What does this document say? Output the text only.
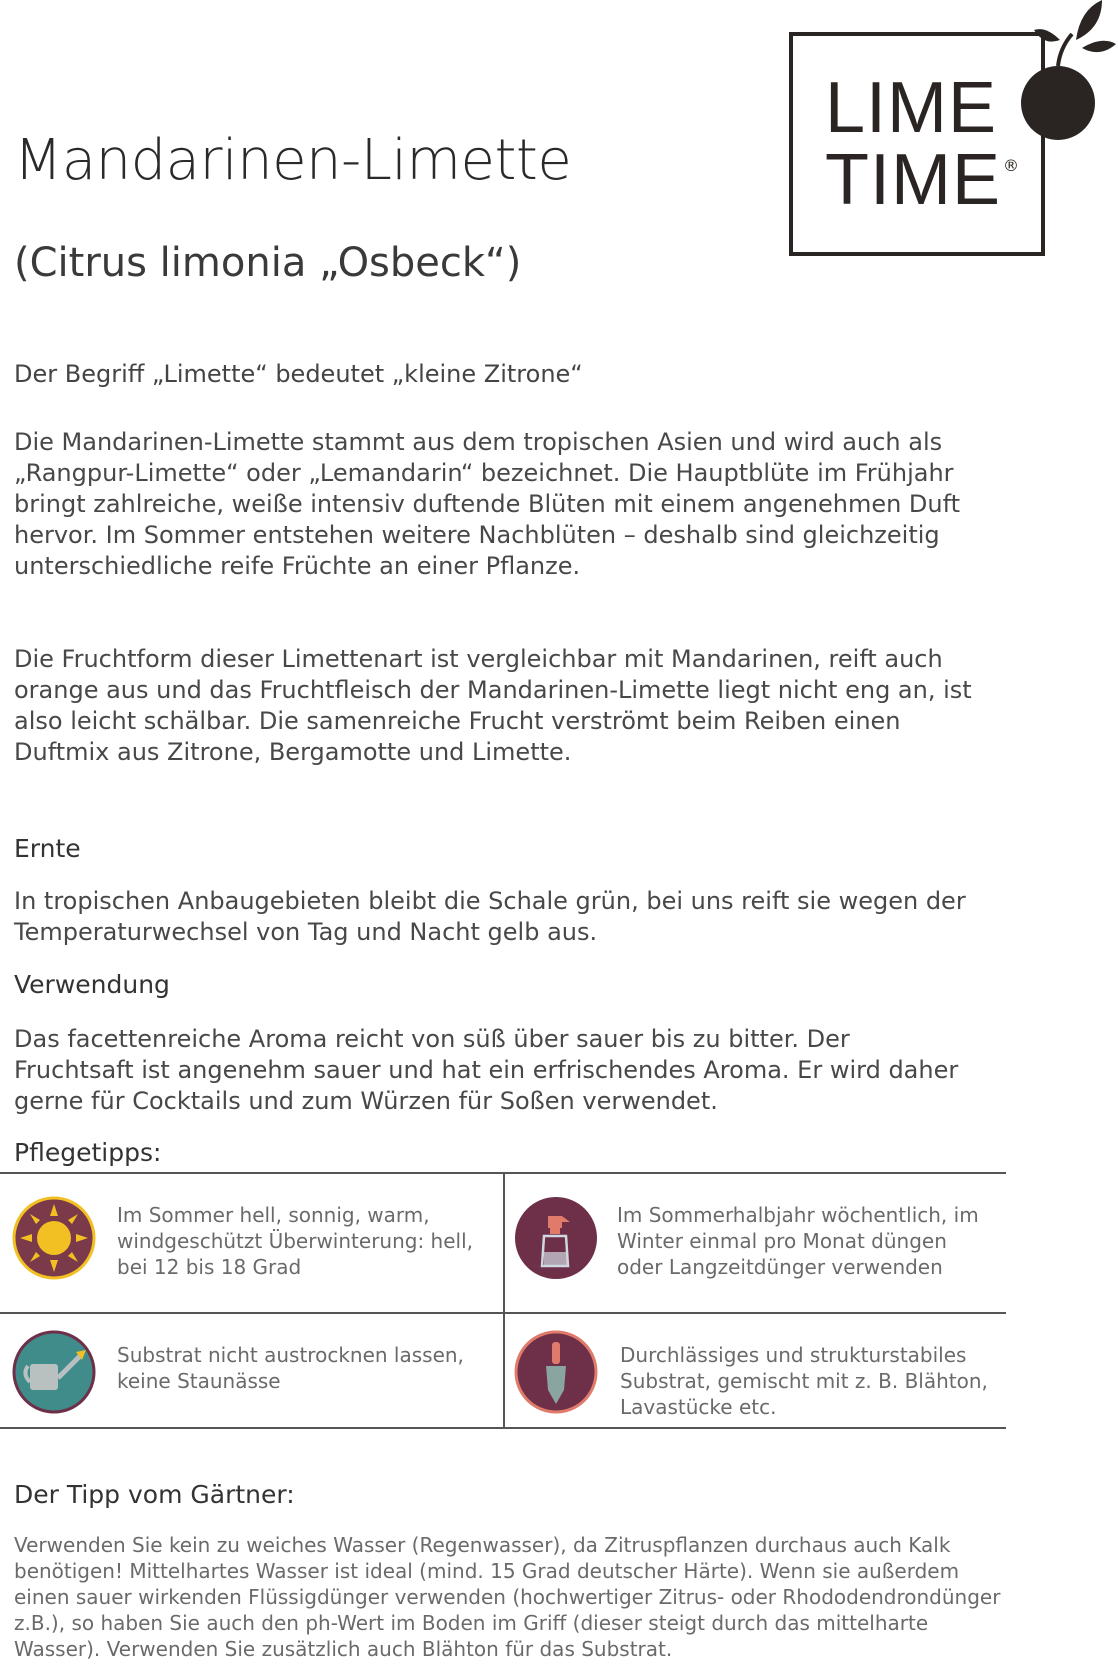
LIME
TIME ®
Mandarinen-Limette
(Citrus limonia „Osbeck“)
Der Begriff „Limette“ bedeutet „kleine Zitrone“
Die Mandarinen-Limette stammt aus dem tropischen Asien und wird auch als „Rangpur-Limette“ oder „Lemandarin“ bezeichnet. Die Hauptblüte im Frühjahr bringt zahlreiche, weiße intensiv duftende Blüten mit einem angenehmen Duft hervor. Im Sommer entstehen weitere Nachblüten – deshalb sind gleichzeitig unterschiedliche reife Früchte an einer Pflanze.
Die Fruchtform dieser Limettenart ist vergleichbar mit Mandarinen, reift auch orange aus und das Fruchtfleisch der Mandarinen-Limette liegt nicht eng an, ist also leicht schälbar. Die samenreiche Frucht verströmt beim Reiben einen Duftmix aus Zitrone, Bergamotte und Limette.
Ernte
In tropischen Anbaugebieten bleibt die Schale grün, bei uns reift sie wegen der Temperaturwechsel von Tag und Nacht gelb aus.
Verwendung
Das facettenreiche Aroma reicht von süß über sauer bis zu bitter. Der Fruchtsaft ist angenehm sauer und hat ein erfrischendes Aroma. Er wird daher gerne für Cocktails und zum Würzen für Soßen verwendet.
Pflegetipps:
Im Sommer hell, sonnig, warm, windgeschützt Überwinterung: hell, bei 12 bis 18 Grad
Im Sommerhalbjahr wöchentlich, im Winter einmal pro Monat düngen oder Langzeitdünger verwenden
Substrat nicht austrocknen lassen, keine Staunässe
Durchlässiges und strukturstabiles Substrat, gemischt mit z. B. Blähton, Lavastücke etc.
Der Tipp vom Gärtner:
Verwenden Sie kein zu weiches Wasser (Regenwasser), da Zitruspflanzen durchaus auch Kalk benötigen! Mittelhartes Wasser ist ideal (mind. 15 Grad deutscher Härte). Wenn sie außerdem einen sauer wirkenden Flüssigdünger verwenden (hochwertiger Zitrus- oder Rhododendrondünger z.B.), so haben Sie auch den ph-Wert im Boden im Griff (dieser steigt durch das mittelharte Wasser). Verwenden Sie zusätzlich auch Blähton für das Substrat.
